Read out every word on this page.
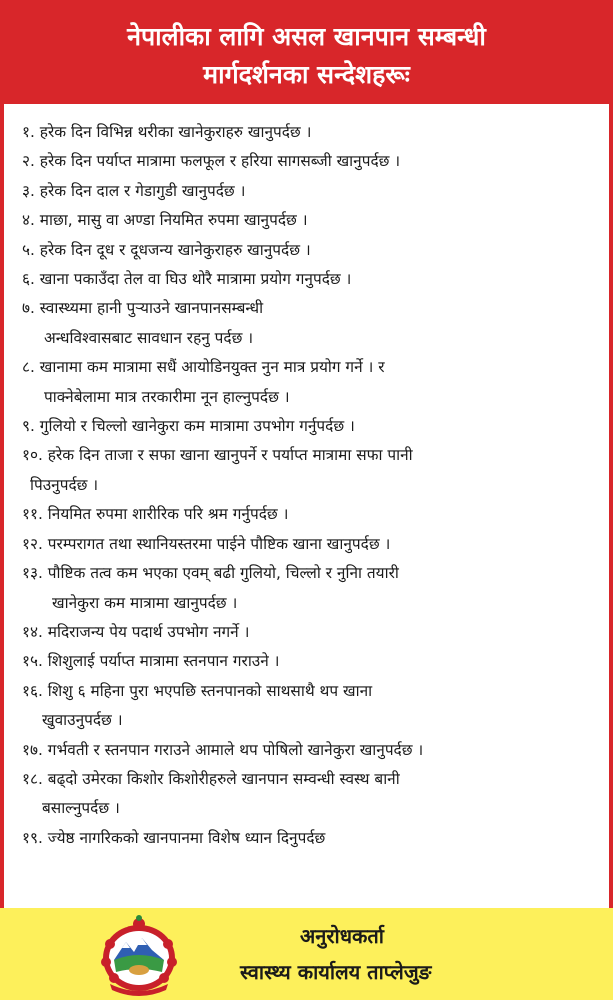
नेपालीका लागि असल खानपान सम्बन्धी
मार्गदर्शनका सन्देशहरूः
१. हरेक दिन विभिन्न थरीका खानेकुराहरु खानुपर्दछ ।
२. हरेक दिन पर्याप्त मात्रामा फलफूल र हरिया सागसब्जी खानुपर्दछ ।
३. हरेक दिन दाल र गेडागुडी खानुपर्दछ ।
४. माछा, मासु वा अण्डा नियमित रुपमा खानुपर्दछ ।
५. हरेक दिन दूध र दूधजन्य खानेकुराहरु खानुपर्दछ ।
६. खाना पकाउँदा तेल वा घिउ थोरै मात्रामा प्रयोग गनुपर्दछ ।
७. स्वास्थ्यमा हानी पुर्‍याउने खानपानसम्बन्धी
अन्धविश्वासबाट सावधान रहनु पर्दछ ।
८. खानामा कम मात्रामा सधैं आयोडिनयुक्त नुन मात्र प्रयोग गर्ने । र
पाक्नेबेलामा मात्र तरकारीमा नून हाल्नुपर्दछ ।
९. गुलियो र चिल्लो खानेकुरा कम मात्रामा उपभोग गर्नुपर्दछ ।
१०. हरेक दिन ताजा र सफा खाना खानुपर्ने र पर्याप्त मात्रामा सफा पानी
पिउनुपर्दछ ।
११. नियमित रुपमा शारीरिक परि श्रम गर्नुपर्दछ ।
१२. परम्परागत तथा स्थानियस्तरमा पाईने पौष्टिक खाना खानुपर्दछ ।
१३. पौष्टिक तत्व कम भएका एवम् बढी गुलियो, चिल्लो र नुनिा तयारी
खानेकुरा कम मात्रामा खानुपर्दछ ।
१४. मदिराजन्य पेय पदार्थ उपभोग नगर्ने ।
१५. शिशुलाई पर्याप्त मात्रामा स्तनपान गराउने ।
१६. शिशु ६ महिना पुरा भएपछि स्तनपानको साथसाथै थप खाना
खुवाउनुपर्दछ ।
१७. गर्भवती र स्तनपान गराउने आमाले थप पोषिलो खानेकुरा खानुपर्दछ ।
१८. बढ्दो उमेरका किशोर किशोरीहरुले खानपान सम्वन्धी स्वस्थ बानी
बसाल्नुपर्दछ ।
१९. ज्येष्ठ नागरिकको खानपानमा विशेष ध्यान दिनुपर्दछ
अनुरोधकर्ता
स्वास्थ्य कार्यालय ताप्लेजुङ
